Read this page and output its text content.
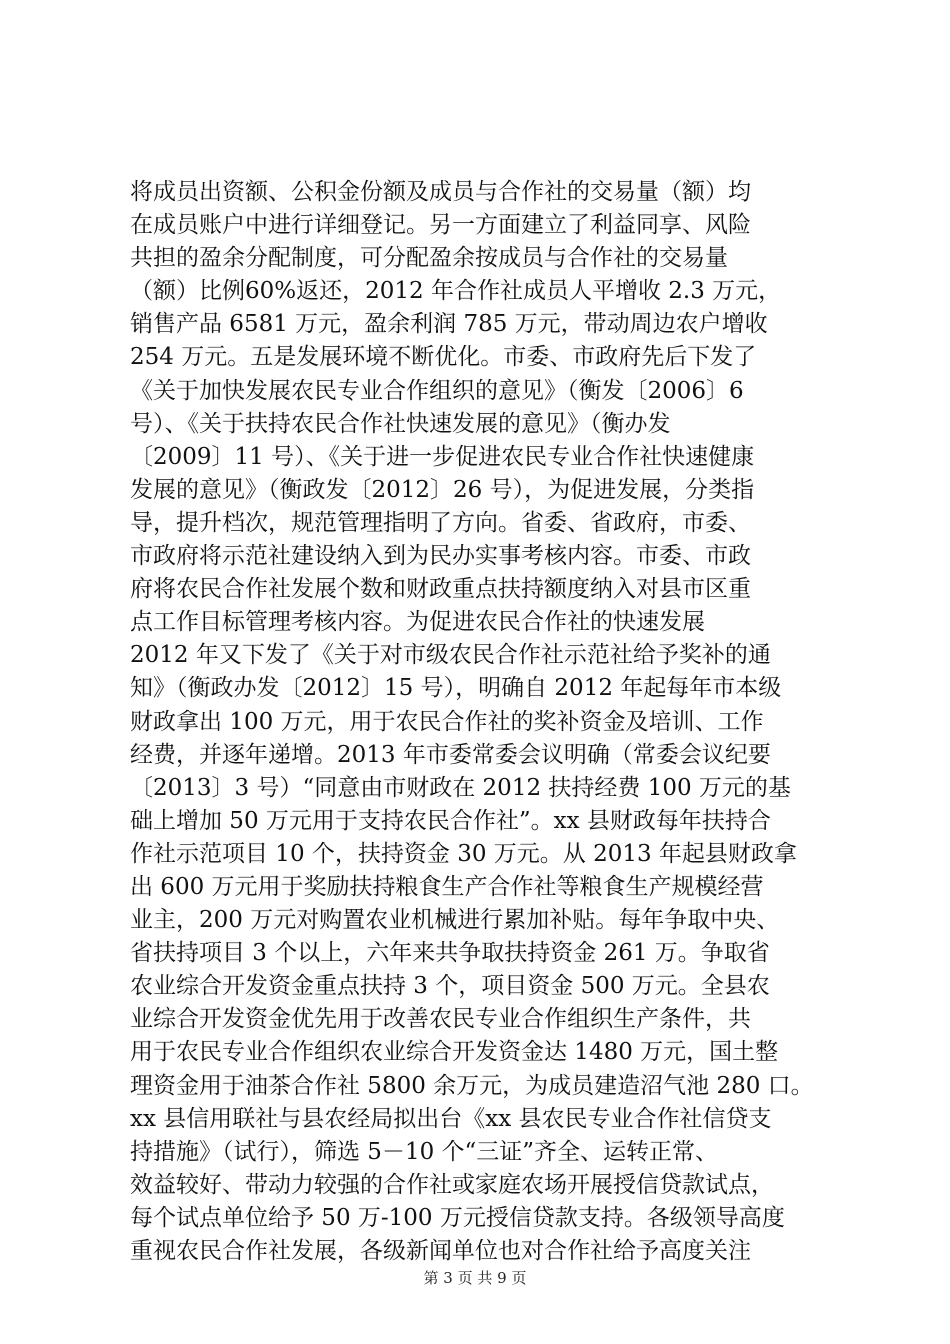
将成员出资额、公积金份额及成员与合作社的交易量（额）均
在成员账户中进行详细登记。另一方面建立了利益同享、风险
共担的盈余分配制度，可分配盈余按成员与合作社的交易量
（额）比例60%返还，2012 年合作社成员人平增收 2.3 万元，
销售产品 6581 万元，盈余利润 785 万元，带动周边农户增收
254 万元。五是发展环境不断优化。市委、市政府先后下发了
《关于加快发展农民专业合作组织的意见》（衡发〔2006〕6
号）、《关于扶持农民合作社快速发展的意见》（衡办发
〔2009〕11 号）、《关于进一步促进农民专业合作社快速健康
发展的意见》（衡政发〔2012〕26 号），为促进发展，分类指
导，提升档次，规范管理指明了方向。省委、省政府，市委、
市政府将示范社建设纳入到为民办实事考核内容。市委、市政
府将农民合作社发展个数和财政重点扶持额度纳入对县市区重
点工作目标管理考核内容。为促进农民合作社的快速发展
2012 年又下发了《关于对市级农民合作社示范社给予奖补的通
知》（衡政办发〔2012〕15 号），明确自 2012 年起每年市本级
财政拿出 100 万元，用于农民合作社的奖补资金及培训、工作
经费，并逐年递增。2013 年市委常委会议明确（常委会议纪要
〔2013〕3 号）“同意由市财政在 2012 扶持经费 100 万元的基
础上增加 50 万元用于支持农民合作社”。xx 县财政每年扶持合
作社示范项目 10 个，扶持资金 30 万元。从 2013 年起县财政拿
出 600 万元用于奖励扶持粮食生产合作社等粮食生产规模经营
业主，200 万元对购置农业机械进行累加补贴。每年争取中央、
省扶持项目 3 个以上，六年来共争取扶持资金 261 万。争取省
农业综合开发资金重点扶持 3 个，项目资金 500 万元。全县农
业综合开发资金优先用于改善农民专业合作组织生产条件，共
用于农民专业合作组织农业综合开发资金达 1480 万元，国土整
理资金用于油茶合作社 5800 余万元，为成员建造沼气池 280 口。
xx 县信用联社与县农经局拟出台《xx 县农民专业合作社信贷支
持措施》（试行），筛选 5－10 个“三证”齐全、运转正常、
效益较好、带动力较强的合作社或家庭农场开展授信贷款试点，
每个试点单位给予 50 万-100 万元授信贷款支持。各级领导高度
重视农民合作社发展，各级新闻单位也对合作社给予高度关注
第 3 页 共 9 页
